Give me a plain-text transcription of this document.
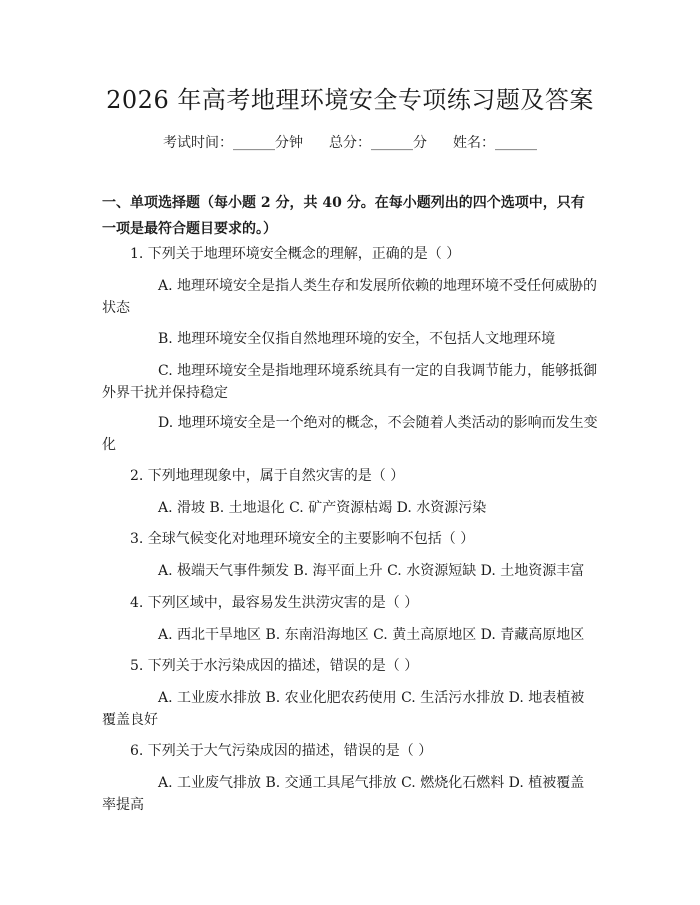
2026 年高考地理环境安全专项练习题及答案
考试时间：______分钟 总分：______分 姓名：______
一、单项选择题（每小题 2 分，共 40 分。在每小题列出的四个选项中，只有一项是最符合题目要求的。）
1. 下列关于地理环境安全概念的理解，正确的是（ ）
A. 地理环境安全是指人类生存和发展所依赖的地理环境不受任何威胁的
状态
B. 地理环境安全仅指自然地理环境的安全，不包括人文地理环境
C. 地理环境安全是指地理环境系统具有一定的自我调节能力，能够抵御
外界干扰并保持稳定
D. 地理环境安全是一个绝对的概念，不会随着人类活动的影响而发生变
化
2. 下列地理现象中，属于自然灾害的是（ ）
A. 滑坡 B. 土地退化 C. 矿产资源枯竭 D. 水资源污染
3. 全球气候变化对地理环境安全的主要影响不包括（ ）
A. 极端天气事件频发 B. 海平面上升 C. 水资源短缺 D. 土地资源丰富
4. 下列区域中，最容易发生洪涝灾害的是（ ）
A. 西北干旱地区 B. 东南沿海地区 C. 黄土高原地区 D. 青藏高原地区
5. 下列关于水污染成因的描述，错误的是（ ）
A. 工业废水排放 B. 农业化肥农药使用 C. 生活污水排放 D. 地表植被
覆盖良好
6. 下列关于大气污染成因的描述，错误的是（ ）
A. 工业废气排放 B. 交通工具尾气排放 C. 燃烧化石燃料 D. 植被覆盖
率提高
